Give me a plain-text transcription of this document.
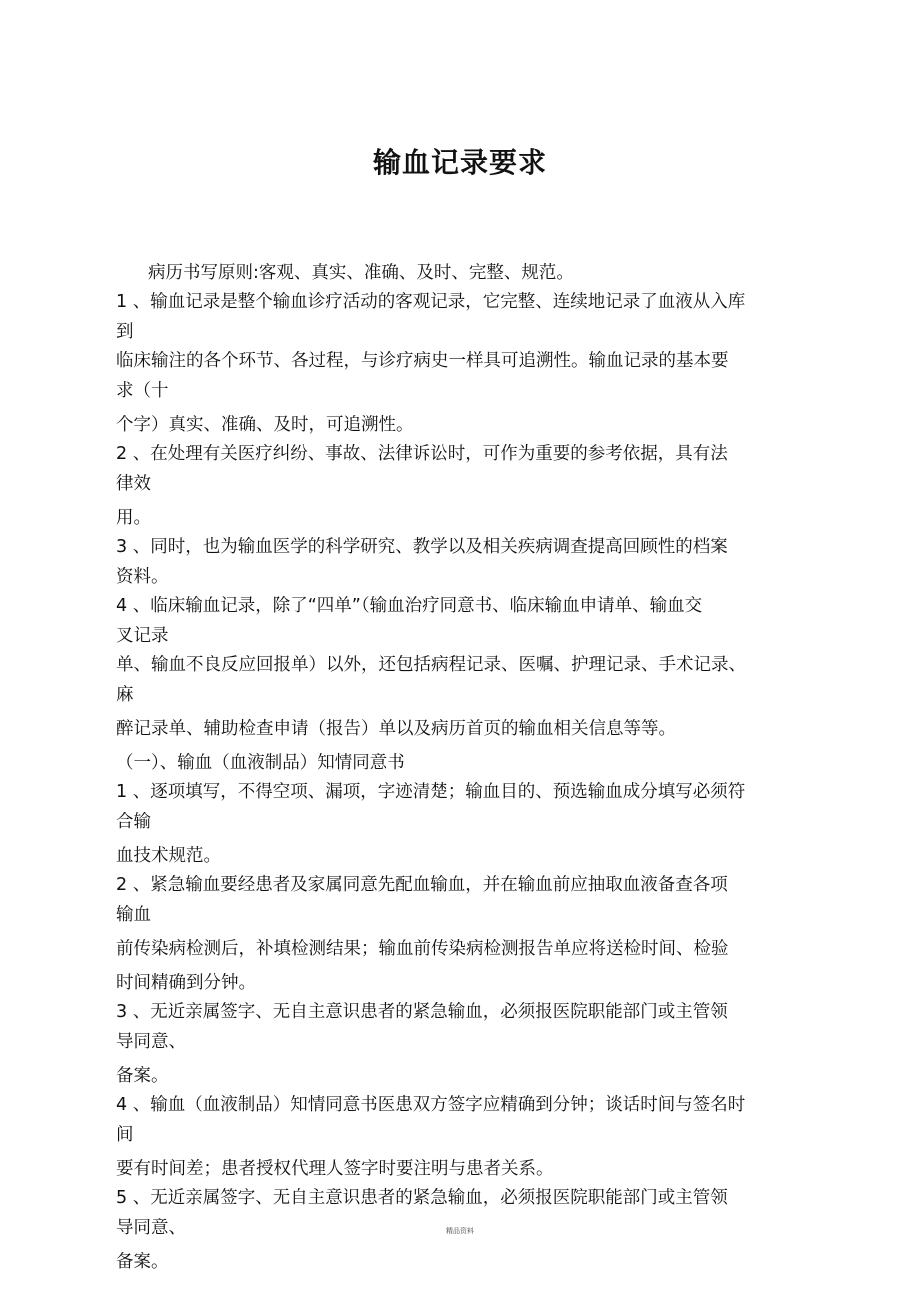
输血记录要求
病历书写原则:客观、真实、准确、及时、完整、规范。
1 、输血记录是整个输血诊疗活动的客观记录，它完整、连续地记录了血液从入库
到
临床输注的各个环节、各过程，与诊疗病史一样具可追溯性。输血记录的基本要
求（十
个字）真实、准确、及时，可追溯性。
2 、在处理有关医疗纠纷、事故、法律诉讼时，可作为重要的参考依据，具有法
律效
用。
3 、同时，也为输血医学的科学研究、教学以及相关疾病调查提高回顾性的档案
资料。
4 、临床输血记录，除了“四单”（输血治疗同意书、临床输血申请单、输血交
叉记录
单、输血不良反应回报单）以外，还包括病程记录、医嘱、护理记录、手术记录、
麻
醉记录单、辅助检查申请（报告）单以及病历首页的输血相关信息等等。
（一）、输血（血液制品）知情同意书
1 、逐项填写，不得空项、漏项，字迹清楚；输血目的、预选输血成分填写必须符
合输
血技术规范。
2 、紧急输血要经患者及家属同意先配血输血，并在输血前应抽取血液备查各项
输血
前传染病检测后，补填检测结果；输血前传染病检测报告单应将送检时间、检验
时间精确到分钟。
3 、无近亲属签字、无自主意识患者的紧急输血，必须报医院职能部门或主管领
导同意、
备案。
4 、输血（血液制品）知情同意书医患双方签字应精确到分钟；谈话时间与签名时
间
要有时间差；患者授权代理人签字时要注明与患者关系。
5 、无近亲属签字、无自主意识患者的紧急输血，必须报医院职能部门或主管领
导同意、
备案。
精品资料
